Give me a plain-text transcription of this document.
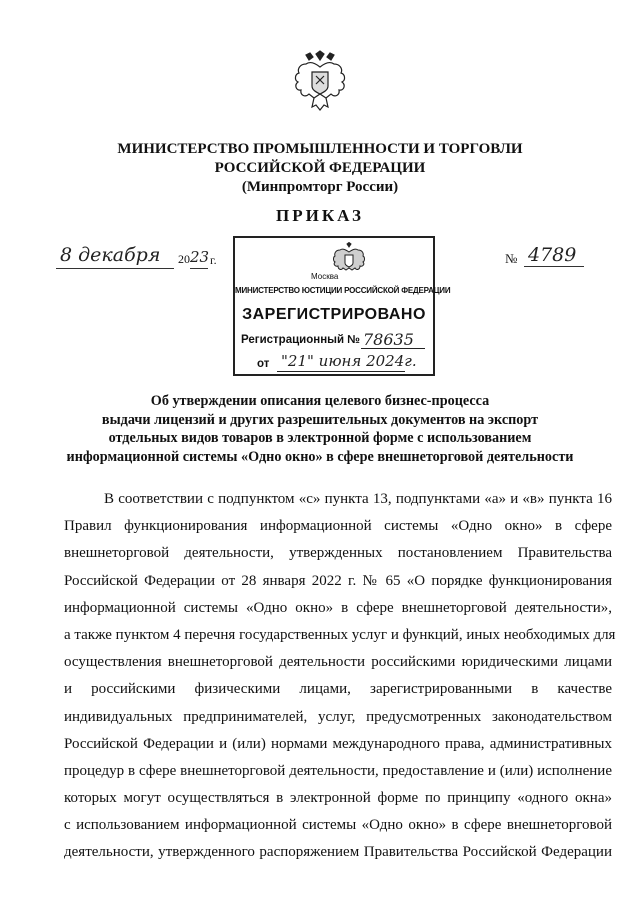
МИНИСТЕРСТВО ПРОМЫШЛЕННОСТИ И ТОРГОВЛИ
РОССИЙСКОЙ ФЕДЕРАЦИИ
(Минпромторг России)
ПРИКАЗ
8 декабря 20 23 г.	№ 4789
Москва
МИНИСТЕРСТВО ЮСТИЦИИ РОССИЙСКОЙ ФЕДЕРАЦИИ
ЗАРЕГИСТРИРОВАНО
Регистрационный № 78635
от "21" июня 2024г.
Об утверждении описания целевого бизнес-процесса
выдачи лицензий и других разрешительных документов на экспорт
отдельных видов товаров в электронной форме с использованием
информационной системы «Одно окно» в сфере внешнеторговой деятельности
В соответствии с подпунктом «с» пункта 13, подпунктами «а» и «в» пункта 16
Правил функционирования информационной системы «Одно окно» в сфере
внешнеторговой деятельности, утвержденных постановлением Правительства
Российской Федерации от 28 января 2022 г. № 65 «О порядке функционирования
информационной системы «Одно окно» в сфере внешнеторговой деятельности»,
а также пунктом 4 перечня государственных услуг и функций, иных необходимых для
осуществления внешнеторговой деятельности российскими юридическими лицами
и российскими физическими лицами, зарегистрированными в качестве
индивидуальных предпринимателей, услуг, предусмотренных законодательством
Российской Федерации и (или) нормами международного права, административных
процедур в сфере внешнеторговой деятельности, предоставление и (или) исполнение
которых могут осуществляться в электронной форме по принципу «одного окна»
с использованием информационной системы «Одно окно» в сфере внешнеторговой
деятельности, утвержденного распоряжением Правительства Российской Федерации
